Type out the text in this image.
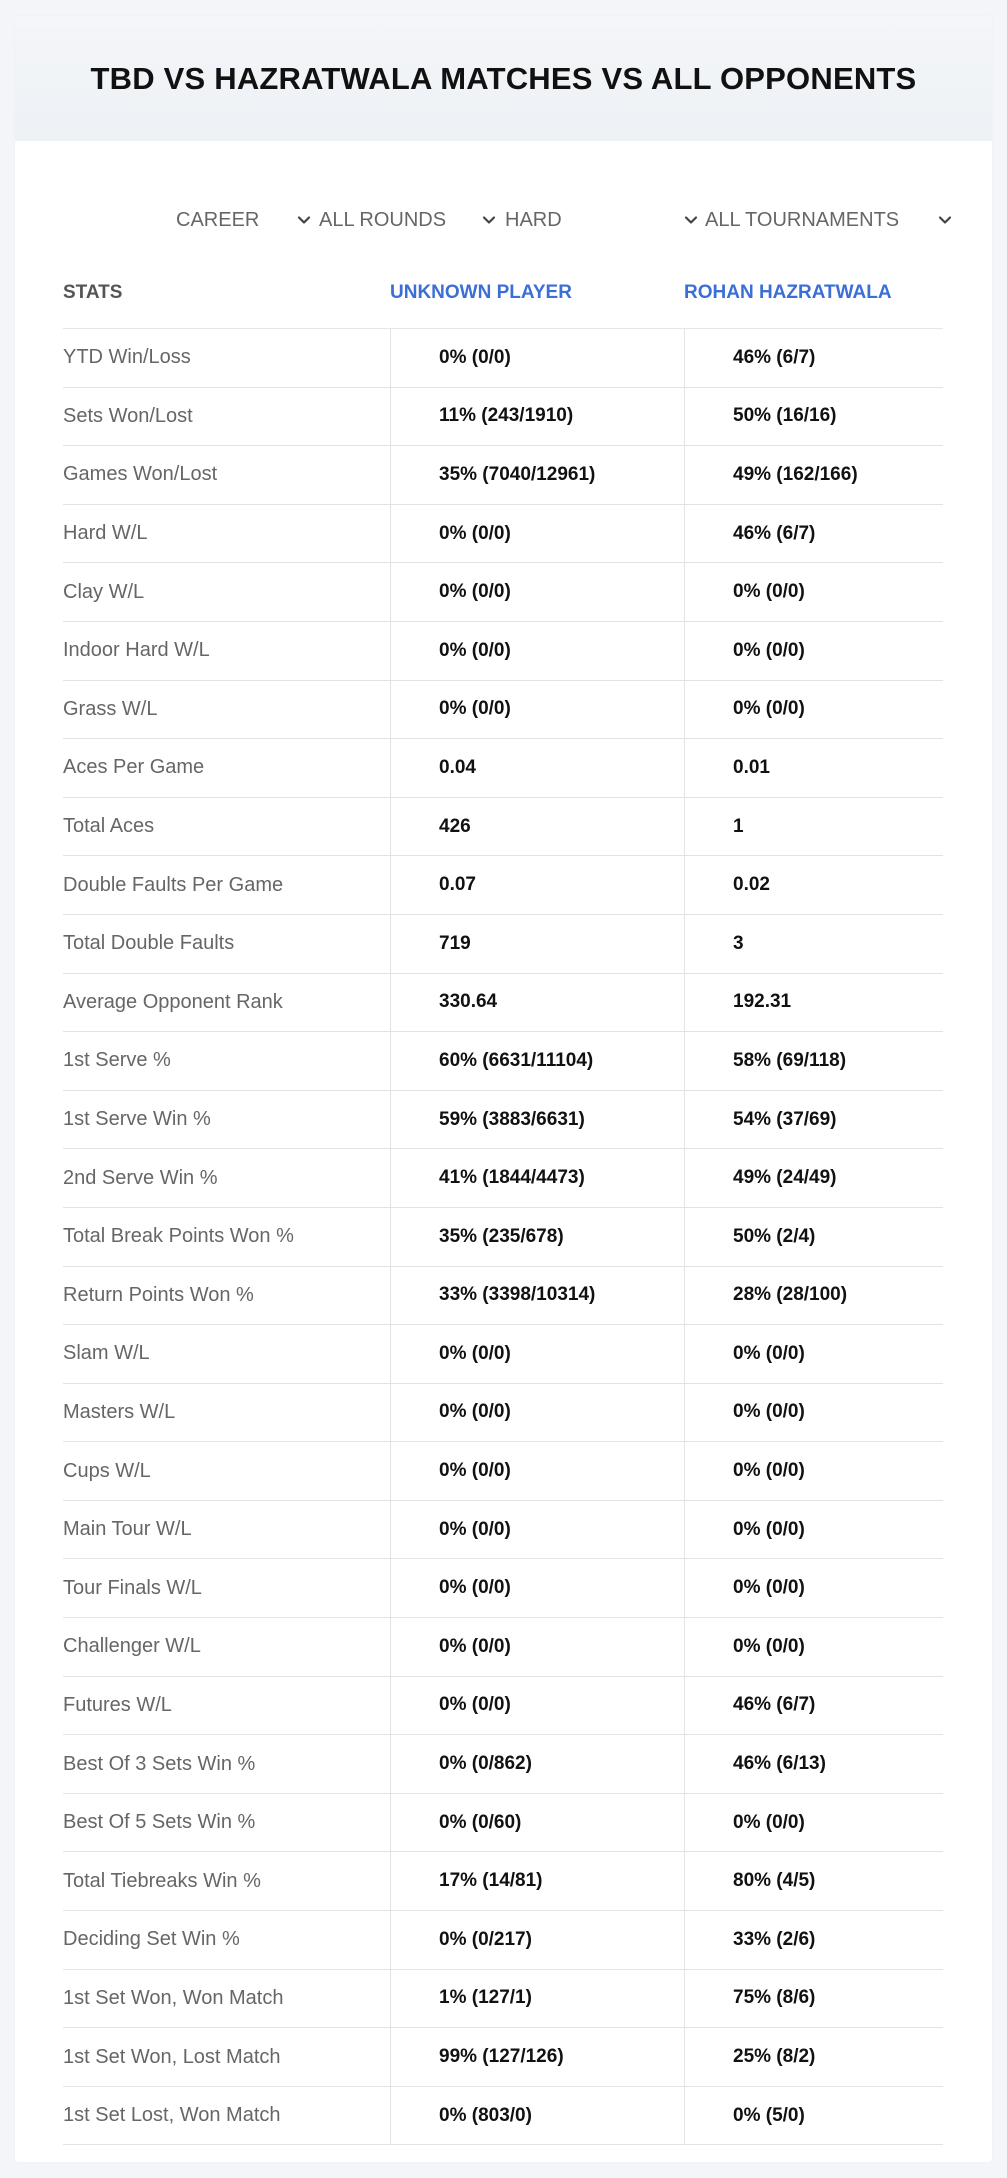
TBD VS HAZRATWALA MATCHES VS ALL OPPONENTS
CAREER	ALL ROUNDS	HARD	ALL TOURNAMENTS
STATS	UNKNOWN PLAYER	ROHAN HAZRATWALA
YTD Win/Loss	0% (0/0)	46% (6/7)
Sets Won/Lost	11% (243/1910)	50% (16/16)
Games Won/Lost	35% (7040/12961)	49% (162/166)
Hard W/L	0% (0/0)	46% (6/7)
Clay W/L	0% (0/0)	0% (0/0)
Indoor Hard W/L	0% (0/0)	0% (0/0)
Grass W/L	0% (0/0)	0% (0/0)
Aces Per Game	0.04	0.01
Total Aces	426	1
Double Faults Per Game	0.07	0.02
Total Double Faults	719	3
Average Opponent Rank	330.64	192.31
1st Serve %	60% (6631/11104)	58% (69/118)
1st Serve Win %	59% (3883/6631)	54% (37/69)
2nd Serve Win %	41% (1844/4473)	49% (24/49)
Total Break Points Won %	35% (235/678)	50% (2/4)
Return Points Won %	33% (3398/10314)	28% (28/100)
Slam W/L	0% (0/0)	0% (0/0)
Masters W/L	0% (0/0)	0% (0/0)
Cups W/L	0% (0/0)	0% (0/0)
Main Tour W/L	0% (0/0)	0% (0/0)
Tour Finals W/L	0% (0/0)	0% (0/0)
Challenger W/L	0% (0/0)	0% (0/0)
Futures W/L	0% (0/0)	46% (6/7)
Best Of 3 Sets Win %	0% (0/862)	46% (6/13)
Best Of 5 Sets Win %	0% (0/60)	0% (0/0)
Total Tiebreaks Win %	17% (14/81)	80% (4/5)
Deciding Set Win %	0% (0/217)	33% (2/6)
1st Set Won, Won Match	1% (127/1)	75% (8/6)
1st Set Won, Lost Match	99% (127/126)	25% (8/2)
1st Set Lost, Won Match	0% (803/0)	0% (5/0)
